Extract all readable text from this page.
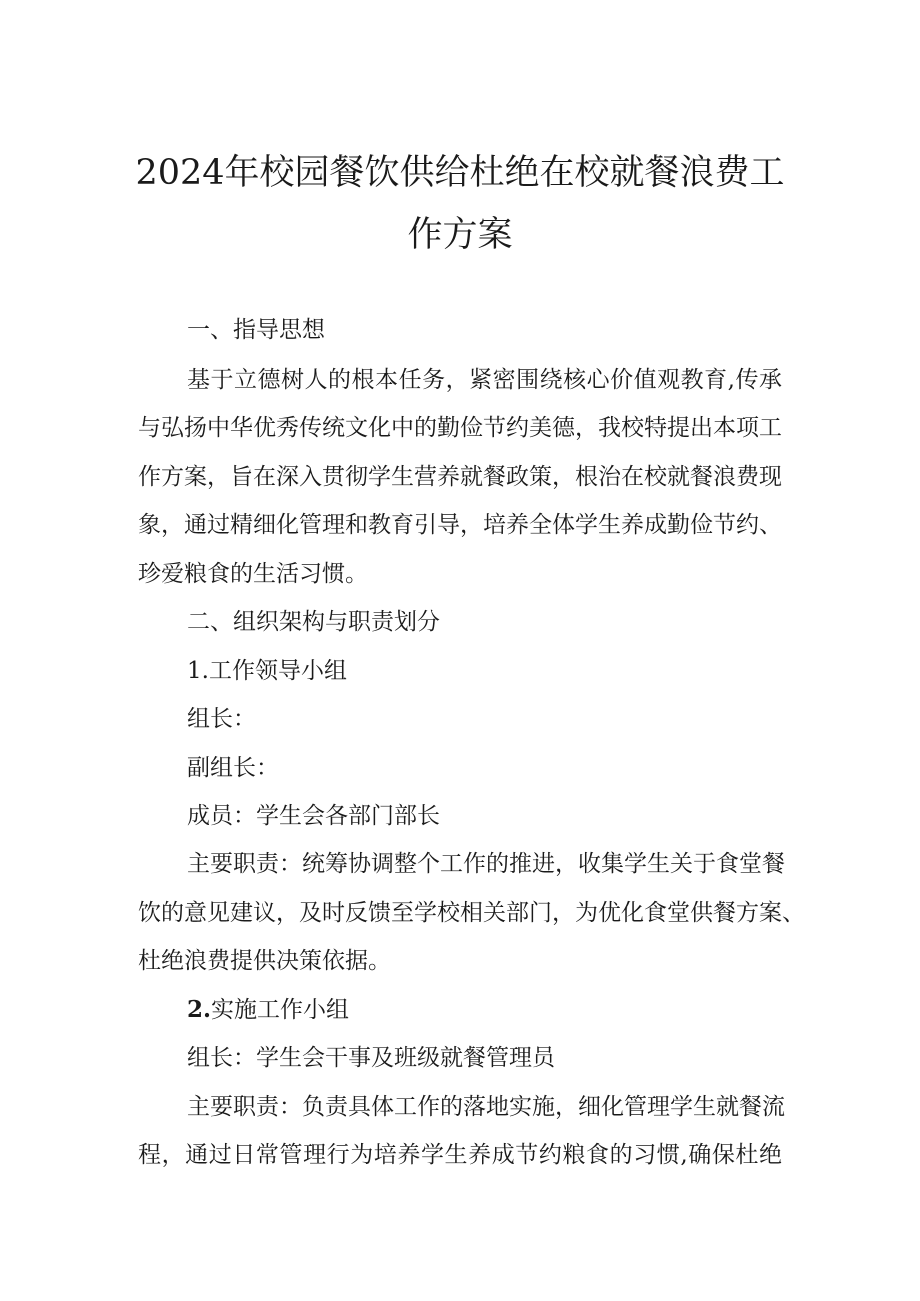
2024年校园餐饮供给杜绝在校就餐浪费工
作方案

一、指导思想

基于立德树人的根本任务，紧密围绕核心价值观教育,传承

与弘扬中华优秀传统文化中的勤俭节约美德，我校特提出本项工

作方案，旨在深入贯彻学生营养就餐政策，根治在校就餐浪费现

象，通过精细化管理和教育引导，培养全体学生养成勤俭节约、

珍爱粮食的生活习惯。

二、组织架构与职责划分

1.工作领导小组

组长：

副组长：

成员：学生会各部门部长

主要职责：统筹协调整个工作的推进，收集学生关于食堂餐

饮的意见建议，及时反馈至学校相关部门，为优化食堂供餐方案、

杜绝浪费提供决策依据。

2.实施工作小组

组长：学生会干事及班级就餐管理员

主要职责：负责具体工作的落地实施，细化管理学生就餐流

程，通过日常管理行为培养学生养成节约粮食的习惯,确保杜绝
